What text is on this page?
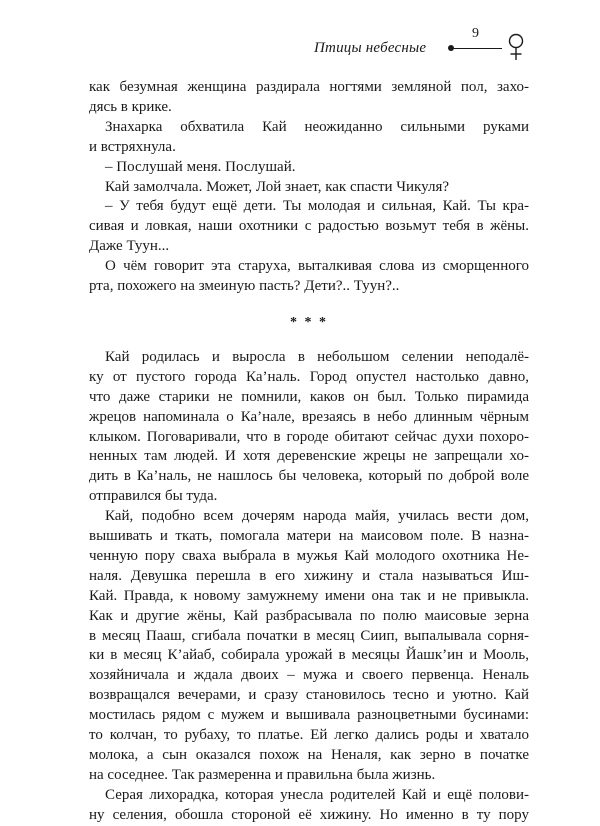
Птицы небесные
9
как безумная женщина раздирала ногтями земляной пол, захо-
дясь в крике.
Знахарка обхватила Кай неожиданно сильными руками
и встряхнула.
– Послушай меня. Послушай.
Кай замолчала. Может, Лой знает, как спасти Чикуля?
– У тебя будут ещё дети. Ты молодая и сильная, Кай. Ты кра-
сивая и ловкая, наши охотники с радостью возьмут тебя в жёны.
Даже Туун...
О чём говорит эта старуха, выталкивая слова из сморщенного
рта, похожего на змеиную пасть? Дети?.. Туун?..
* * *
Кай родилась и выросла в небольшом селении неподалё-
ку от пустого города Ка’наль. Город опустел настолько давно,
что даже старики не помнили, каков он был. Только пирамида
жрецов напоминала о Ка’нале, врезаясь в небо длинным чёрным
клыком. Поговаривали, что в городе обитают сейчас духи похоро-
ненных там людей. И хотя деревенские жрецы не запрещали хо-
дить в Ка’наль, не нашлось бы человека, который по доброй воле
отправился бы туда.
Кай, подобно всем дочерям народа майя, училась вести дом,
вышивать и ткать, помогала матери на маисовом поле. В назна-
ченную пору сваха выбрала в мужья Кай молодого охотника Не-
наля. Девушка перешла в его хижину и стала называться Иш-
Кай. Правда, к новому замужнему имени она так и не привыкла.
Как и другие жёны, Кай разбрасывала по полю маисовые зерна
в месяц Пааш, сгибала початки в месяц Сиип, выпалывала сорня-
ки в месяц К’айаб, собирала урожай в месяцы Йашк’ин и Мооль,
хозяйничала и ждала двоих – мужа и своего первенца. Неналь
возвращался вечерами, и сразу становилось тесно и уютно. Кай
мостилась рядом с мужем и вышивала разноцветными бусинами:
то колчан, то рубаху, то платье. Ей легко дались роды и хватало
молока, а сын оказался похож на Неналя, как зерно в початке
на соседнее. Так размеренна и правильна была жизнь.
Серая лихорадка, которая унесла родителей Кай и ещё полови-
ну селения, обошла стороной её хижину. Но именно в ту пору
